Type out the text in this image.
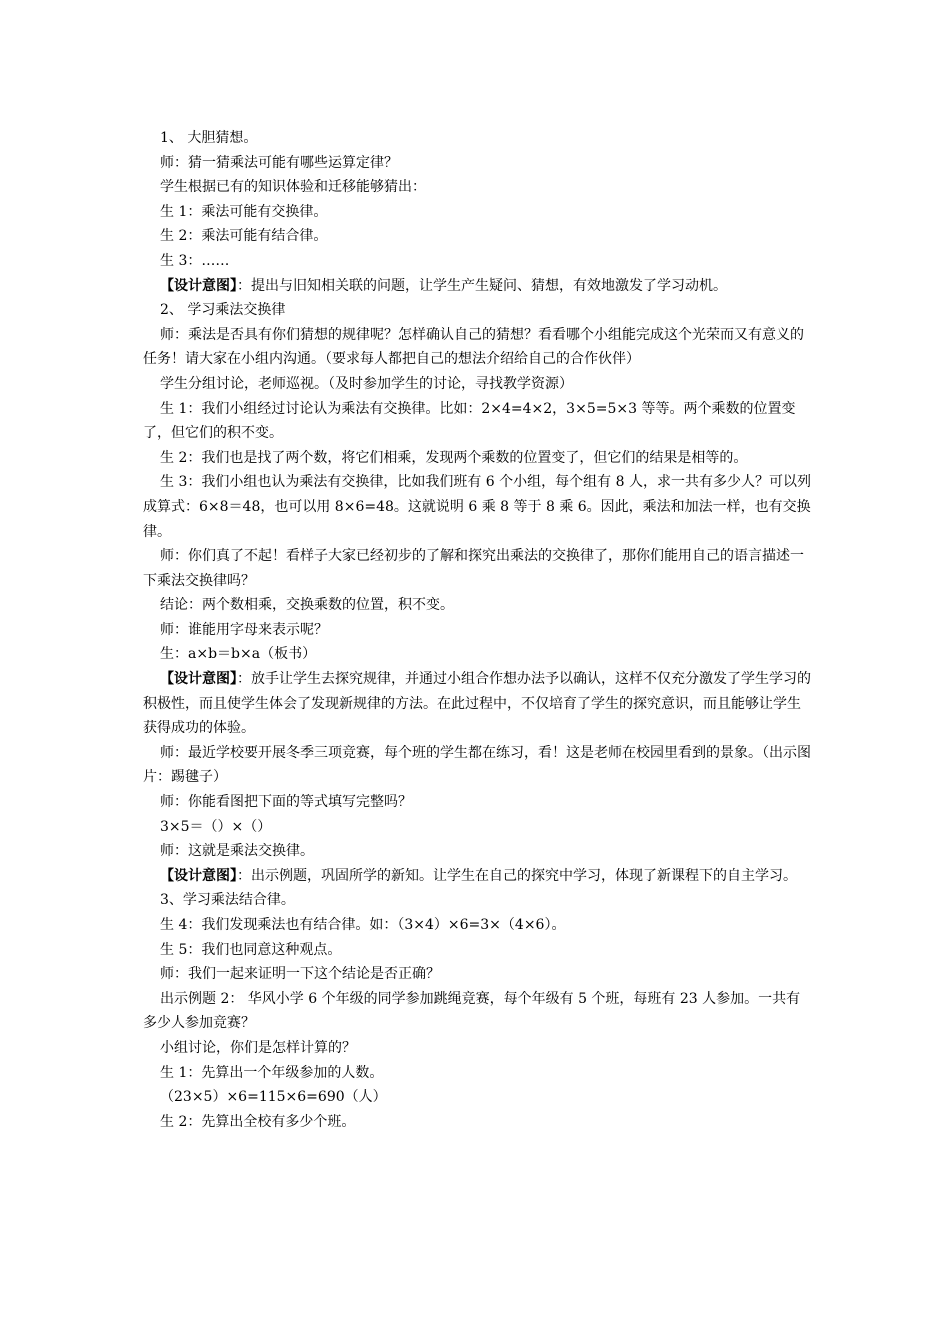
1、 大胆猜想。

师：猜一猜乘法可能有哪些运算定律？

学生根据已有的知识体验和迁移能够猜出：

生 1：乘法可能有交换律。

生 2：乘法可能有结合律。

生 3：……

【设计意图】：提出与旧知相关联的问题，让学生产生疑问、猜想，有效地激发了学习动机。

2、 学习乘法交换律

师：乘法是否具有你们猜想的规律呢？怎样确认自己的猜想？看看哪个小组能完成这个光荣而又有意义的任务！请大家在小组内沟通。（要求每人都把自己的想法介绍给自己的合作伙伴）

学生分组讨论，老师巡视。（及时参加学生的讨论，寻找教学资源）

生 1：我们小组经过讨论认为乘法有交换律。比如：2×4=4×2，3×5=5×3 等等。两个乘数的位置变了，但它们的积不变。

生 2：我们也是找了两个数，将它们相乘，发现两个乘数的位置变了，但它们的结果是相等的。

生 3：我们小组也认为乘法有交换律，比如我们班有 6 个小组，每个组有 8 人，求一共有多少人？可以列成算式：6×8＝48，也可以用 8×6=48。这就说明 6 乘 8 等于 8 乘 6。因此，乘法和加法一样，也有交换律。

师：你们真了不起！看样子大家已经初步的了解和探究出乘法的交换律了，那你们能用自己的语言描述一下乘法交换律吗？

结论：两个数相乘，交换乘数的位置，积不变。

师：谁能用字母来表示呢？

生：a×b＝b×a（板书）

【设计意图】：放手让学生去探究规律，并通过小组合作想办法予以确认，这样不仅充分激发了学生学习的积极性，而且使学生体会了发现新规律的方法。在此过程中，不仅培育了学生的探究意识，而且能够让学生获得成功的体验。

师：最近学校要开展冬季三项竞赛，每个班的学生都在练习，看！这是老师在校园里看到的景象。（出示图片：踢毽子）

师：你能看图把下面的等式填写完整吗？

3×5＝（）×（）

师：这就是乘法交换律。

【设计意图】：出示例题，巩固所学的新知。让学生在自己的探究中学习，体现了新课程下的自主学习。

3、学习乘法结合律。

生 4：我们发现乘法也有结合律。如：（3×4）×6=3×（4×6）。

生 5：我们也同意这种观点。

师：我们一起来证明一下这个结论是否正确？

出示例题 2： 华风小学 6 个年级的同学参加跳绳竞赛，每个年级有 5 个班，每班有 23 人参加。一共有多少人参加竞赛？

小组讨论，你们是怎样计算的？

生 1：先算出一个年级参加的人数。

（23×5）×6=115×6=690（人）

生 2：先算出全校有多少个班。
